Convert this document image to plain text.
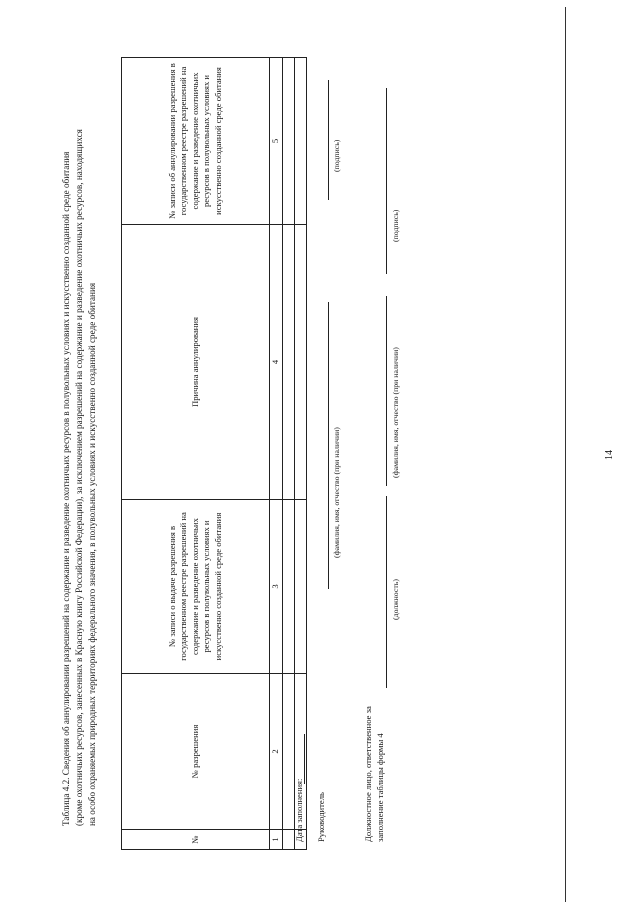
14
Таблица 4.2. Сведения об аннулировании разрешений на содержание и разведение охотничьих ресурсов в полувольных условиях и искусственно созданной среде обитания (кроме охотничьих ресурсов, занесенных в Красную книгу Российской Федерации), за исключением разрешений на содержание и разведение охотничьих ресурсов, находящихся на особо охраняемых природных территориях федерального значения, в полувольных условиях и искусственно созданной среде обитания
№	№ разрешения	№ записи о выдаче разрешения в государственном реестре разрешений на содержание и разведение охотничьих ресурсов в полувольных условиях и искусственно созданной среде обитания	Причина аннулирования	№ записи об аннулировании разрешения в государственном реестре разрешений на содержание и разведение охотничьих ресурсов в полувольных условиях и искусственно созданной среде обитания
1	2	3	4	5

Дата заполнения: Руководитель
(фамилия, имя, отчество (при наличии)
(подпись)
Должностное лицо, ответственное за заполнение таблицы формы 4
(должность)
(фамилия, имя, отчество (при наличии)
(подпись)
